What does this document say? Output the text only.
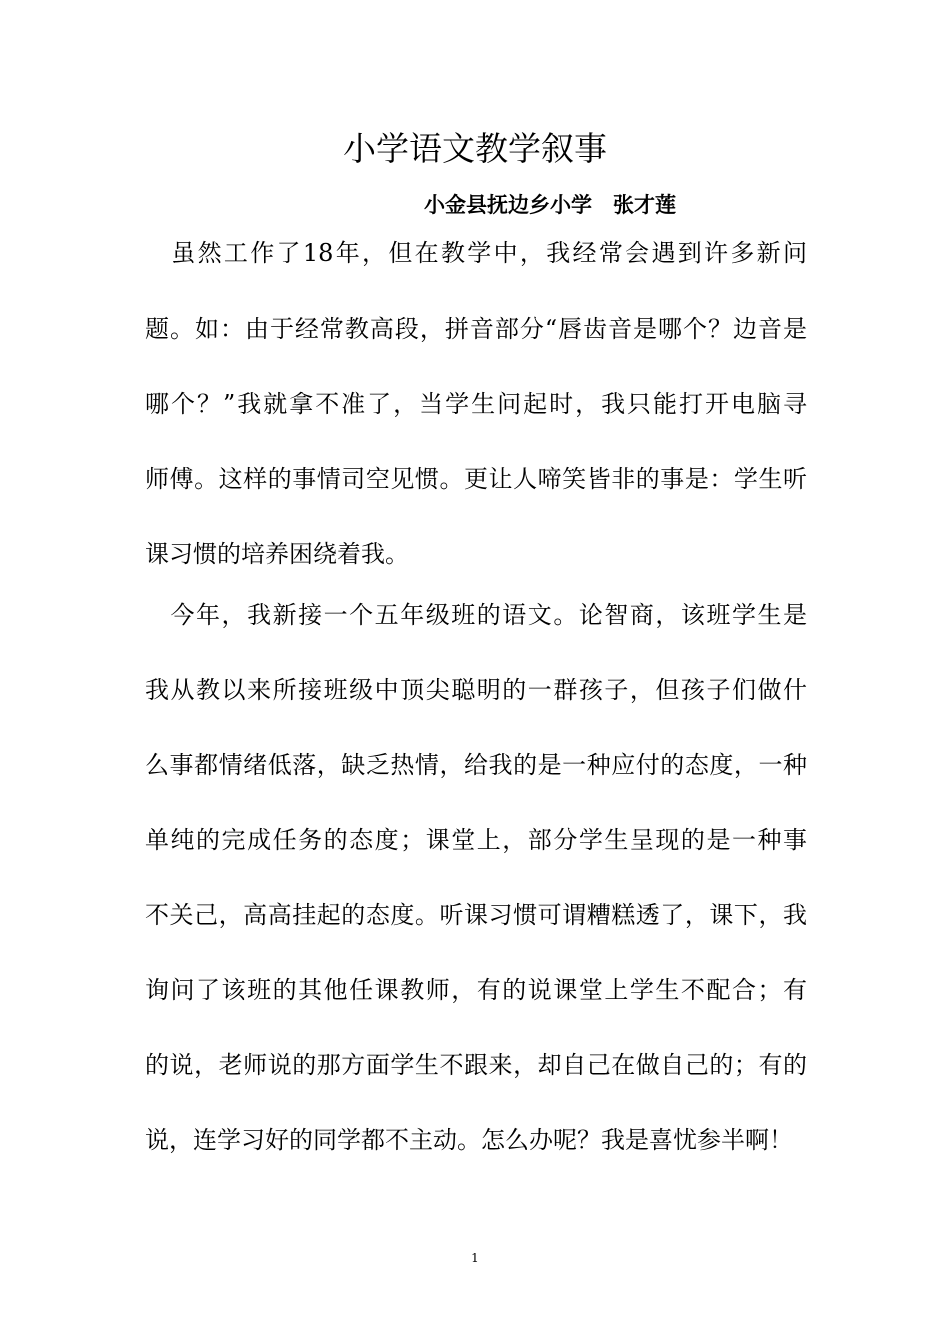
小学语文教学叙事
小金县抚边乡小学　张才莲
　虽然工作了18年，但在教学中，我经常会遇到许多新问
题。如：由于经常教高段，拼音部分“唇齿音是哪个？边音是
哪个？”我就拿不准了，当学生问起时，我只能打开电脑寻
师傅。这样的事情司空见惯。更让人啼笑皆非的事是：学生听
课习惯的培养困绕着我。
　今年，我新接一个五年级班的语文。论智商，该班学生是
我从教以来所接班级中顶尖聪明的一群孩子，但孩子们做什
么事都情绪低落，缺乏热情，给我的是一种应付的态度，一种
单纯的完成任务的态度；课堂上，部分学生呈现的是一种事
不关己，高高挂起的态度。听课习惯可谓糟糕透了，课下，我
询问了该班的其他任课教师，有的说课堂上学生不配合；有
的说，老师说的那方面学生不跟来，却自己在做自己的；有的
说，连学习好的同学都不主动。怎么办呢？我是喜忧参半啊！
1
